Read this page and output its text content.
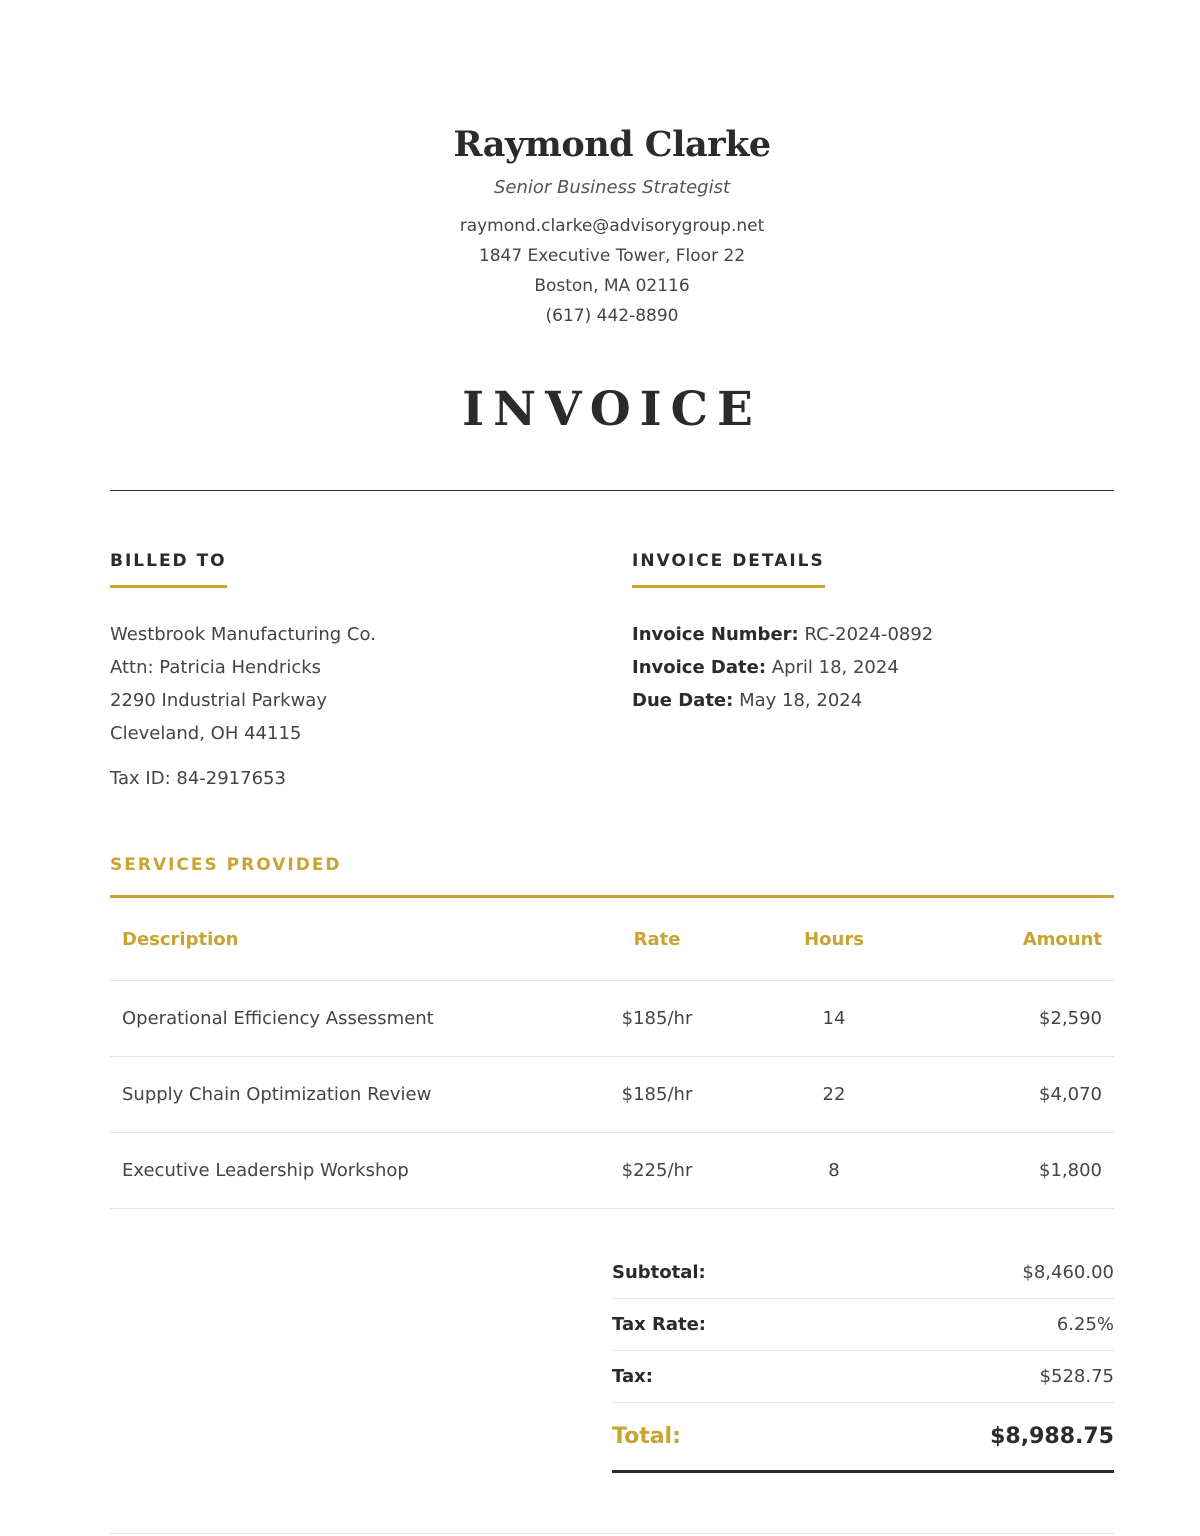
Raymond Clarke
Senior Business Strategist
raymond.clarke@advisorygroup.net
1847 Executive Tower, Floor 22
Boston, MA 02116
(617) 442-8890
INVOICE
BILLED TO
Westbrook Manufacturing Co.
Attn: Patricia Hendricks
2290 Industrial Parkway
Cleveland, OH 44115
Tax ID: 84-2917653
INVOICE DETAILS
Invoice Number: RC-2024-0892
Invoice Date: April 18, 2024
Due Date: May 18, 2024
SERVICES PROVIDED
Description	Rate	Hours	Amount
Operational Efficiency Assessment	$185/hr	14	$2,590
Supply Chain Optimization Review	$185/hr	22	$4,070
Executive Leadership Workshop	$225/hr	8	$1,800
Subtotal:	$8,460.00
Tax Rate:	6.25%
Tax:	$528.75
Total:	$8,988.75
